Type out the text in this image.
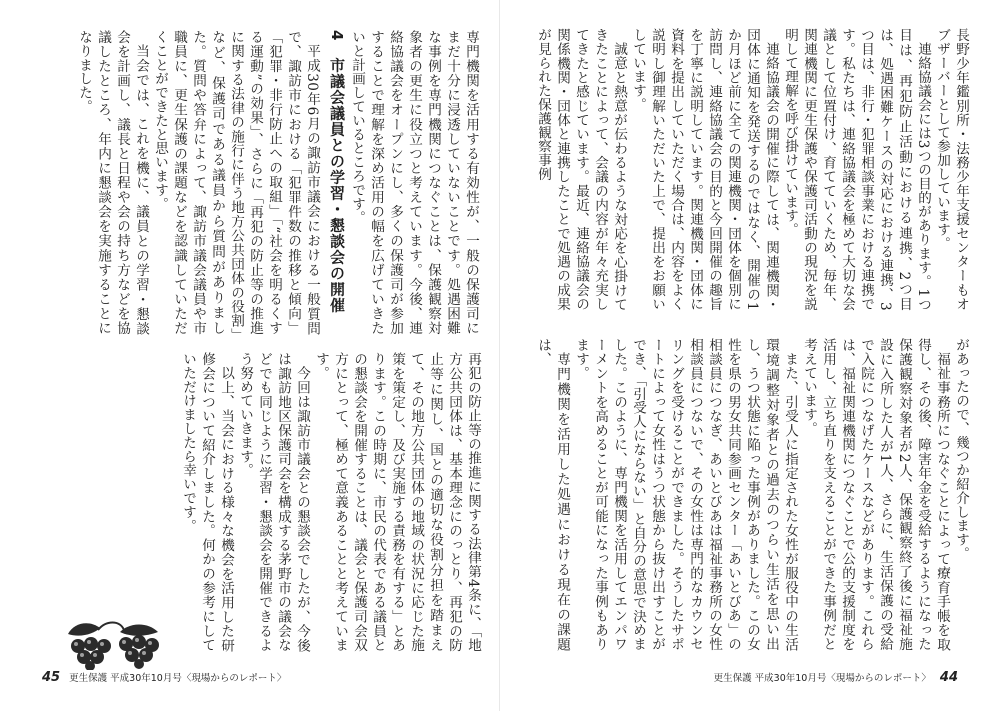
長野少年鑑別所・法務少年支援センターもオブザーバーとして参加しています。

連絡協議会には3つの目的があります。1つ目は、再犯防止活動における連携、2つ目は、処遇困難ケースの対応における連携、3つ目は、非行・犯罪相談事業における連携です。私たちは、連絡協議会を極めて大切な会議として位置付け、育てていくため、毎年、関連機関に更生保護や保護司活動の現況を説明して理解を呼び掛けています。

連絡協議会の開催に際しては、関連機関・団体に通知を発送するのではなく、開催の1か月ほど前に全ての関連機関・団体を個別に訪問し、連絡協議会の目的と今回開催の趣旨を丁寧に説明しています。関連機関・団体に資料を提出していただく場合は、内容をよく説明し御理解いただいた上で、提出をお願いしています。

誠意と熱意が伝わるような対応を心掛けてきたことによって、会議の内容が年々充実してきたと感じています。最近、連絡協議会の関係機関・団体と連携したことで処遇の成果が見られた保護観察事例

があったので、幾つか紹介します。

福祉事務所につなぐことによって療育手帳を取得し、その後、障害年金を受給するようになった保護観察対象者が2人、保護観察終了後に福祉施設に入所した人が1人、さらに、生活保護の受給で入院につなげたケースなどがあります。これらは、福祉関連機関につなぐことで公的支援制度を活用し、立ち直りを支えることができた事例だと考えています。

また、引受人に指定された女性が服役中の生活環境調整対象者との過去のつらい生活を思い出し、うつ状態に陥った事例がありました。この女性を県の男女共同参画センター「あいとびあ」の相談員につなぎ、あいとびあは福祉事務所の女性相談員につないで、その女性は専門的なカウンセリングを受けることができました。そうしたサポートによって女性はうつ状態から抜け出すことができ、「引受人にならない」と自分の意思で決めました。このように、専門機関を活用してエンパワーメントを高めることが可能になった事例もあります。

専門機関を活用した処遇における現在の課題は、

更生保護 平成30年10月号〈現場からのレポート〉 44

専門機関を活用する有効性が、一般の保護司にまだ十分に浸透していないことです。処遇困難な事例を専門機関につなぐことは、保護観察対象者の更生に役立つと考えています。今後、連絡協議会をオープンにし、多くの保護司が参加することで理解を深め活用の幅を広げていきたいと計画しているところです。

4　市議会議員との学習・懇談会の開催

平成30年6月の諏訪市議会における一般質問で、諏訪市における「犯罪件数の推移と傾向」「犯罪・非行防止への取組」「“社会を明るくする運動”の効果」、さらに「再犯の防止等の推進に関する法律の施行に伴う地方公共団体の役割」など、保護司である議員から質問がありました。質問や答弁によって、諏訪市議会議員や市職員に、更生保護の課題などを認識していただくことができたと思います。

当会では、これを機に、議員との学習・懇談会を計画し、議長と日程や会の持ち方などを協議したところ、年内に懇談会を実施することになりました。

再犯の防止等の推進に関する法律第4条に、「地方公共団体は、基本理念にのっとり、再犯の防止等に関し、国との適切な役割分担を踏まえて、その地方公共団体の地域の状況に応じた施策を策定し、及び実施する責務を有する」とあります。この時期に、市民の代表である議員との懇談会を開催することは、議会と保護司会双方にとって、極めて意義あることと考えています。

今回は諏訪市議会との懇談会でしたが、今後は諏訪地区保護司会を構成する茅野市の議会などでも同じように学習・懇談会を開催できるよう努めていきます。

以上、当会における様々な機会を活用した研修会について紹介しました。何かの参考にしていただけましたら幸いです。

45 更生保護 平成30年10月号〈現場からのレポート〉
